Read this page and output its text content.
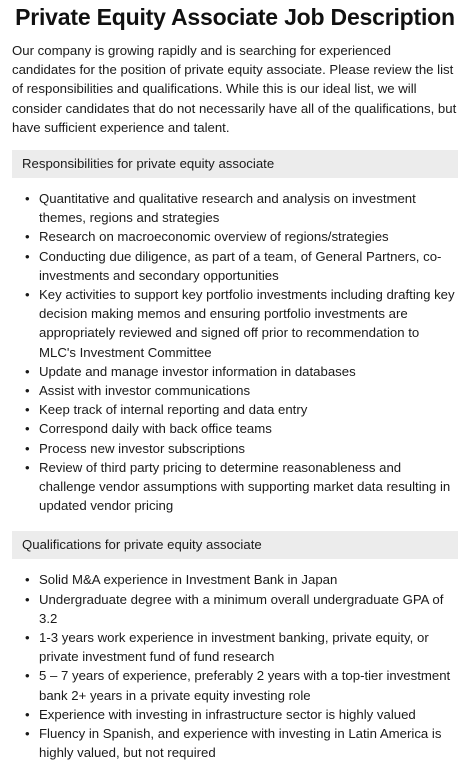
Private Equity Associate Job Description

Our company is growing rapidly and is searching for experienced candidates for the position of private equity associate. Please review the list of responsibilities and qualifications. While this is our ideal list, we will consider candidates that do not necessarily have all of the qualifications, but have sufficient experience and talent.

Responsibilities for private equity associate
• Quantitative and qualitative research and analysis on investment themes, regions and strategies
• Research on macroeconomic overview of regions/strategies
• Conducting due diligence, as part of a team, of General Partners, co-investments and secondary opportunities
• Key activities to support key portfolio investments including drafting key decision making memos and ensuring portfolio investments are appropriately reviewed and signed off prior to recommendation to MLC's Investment Committee
• Update and manage investor information in databases
• Assist with investor communications
• Keep track of internal reporting and data entry
• Correspond daily with back office teams
• Process new investor subscriptions
• Review of third party pricing to determine reasonableness and challenge vendor assumptions with supporting market data resulting in updated vendor pricing
Qualifications for private equity associate
• Solid M&A experience in Investment Bank in Japan
• Undergraduate degree with a minimum overall undergraduate GPA of 3.2
• 1-3 years work experience in investment banking, private equity, or private investment fund of fund research
• 5 – 7 years of experience, preferably 2 years with a top-tier investment bank 2+ years in a private equity investing role
• Experience with investing in infrastructure sector is highly valued
• Fluency in Spanish, and experience with investing in Latin America is highly valued, but not required
